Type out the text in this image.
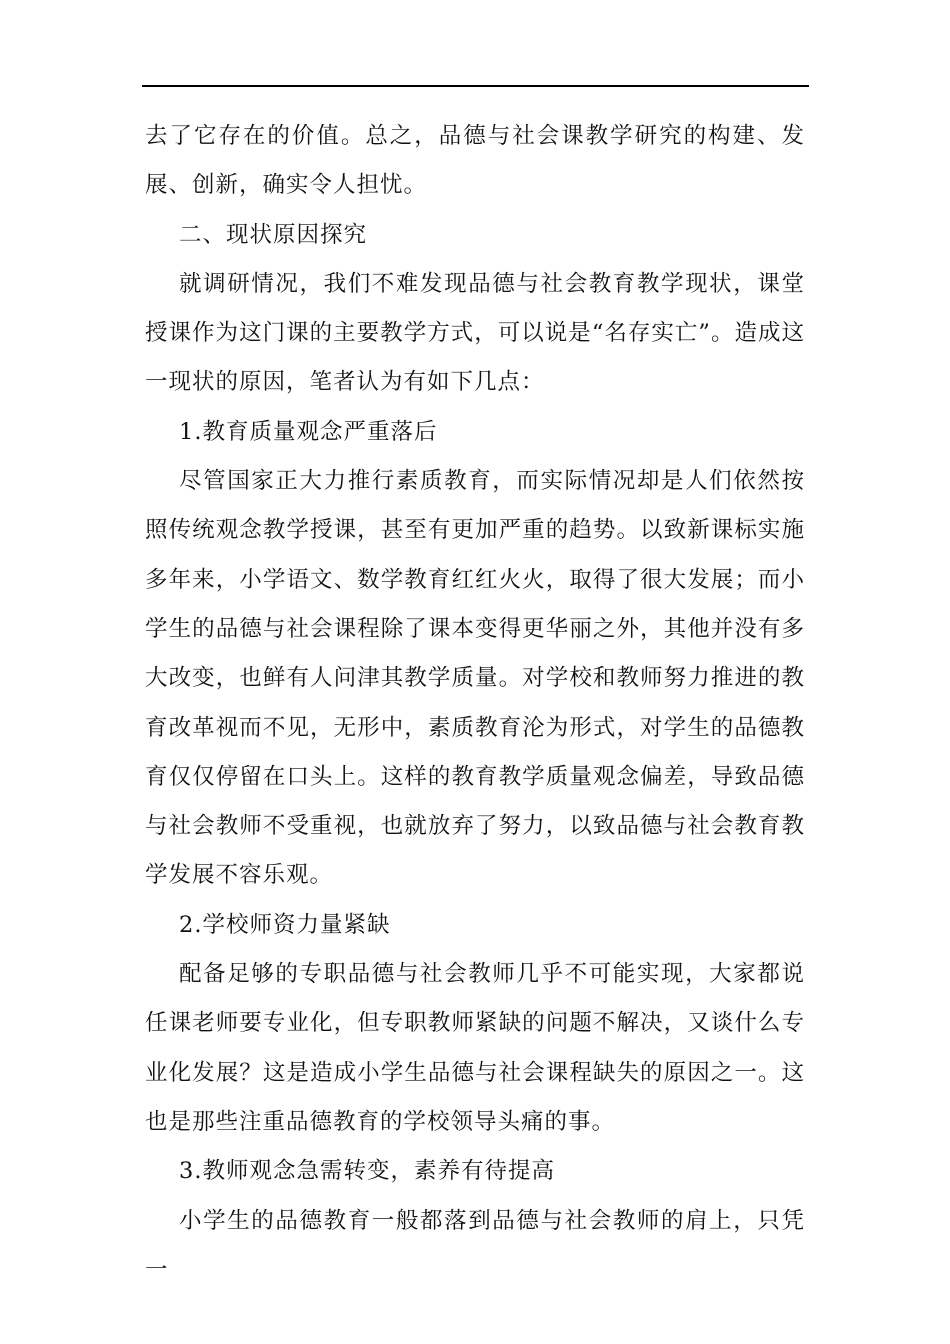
去了它存在的价值。总之，品德与社会课教学研究的构建、发展、创新，确实令人担忧。

二、现状原因探究

就调研情况，我们不难发现品德与社会教育教学现状，课堂授课作为这门课的主要教学方式，可以说是“名存实亡”。造成这一现状的原因，笔者认为有如下几点：

1.教育质量观念严重落后

尽管国家正大力推行素质教育，而实际情况却是人们依然按照传统观念教学授课，甚至有更加严重的趋势。以致新课标实施多年来，小学语文、数学教育红红火火，取得了很大发展；而小学生的品德与社会课程除了课本变得更华丽之外，其他并没有多大改变，也鲜有人问津其教学质量。对学校和教师努力推进的教育改革视而不见，无形中，素质教育沦为形式，对学生的品德教育仅仅停留在口头上。这样的教育教学质量观念偏差，导致品德与社会教师不受重视，也就放弃了努力，以致品德与社会教育教学发展不容乐观。

2.学校师资力量紧缺

配备足够的专职品德与社会教师几乎不可能实现，大家都说任课老师要专业化，但专职教师紧缺的问题不解决，又谈什么专业化发展？这是造成小学生品德与社会课程缺失的原因之一。这也是那些注重品德教育的学校领导头痛的事。

3.教师观念急需转变，素养有待提高

小学生的品德教育一般都落到品德与社会教师的肩上，只凭一
